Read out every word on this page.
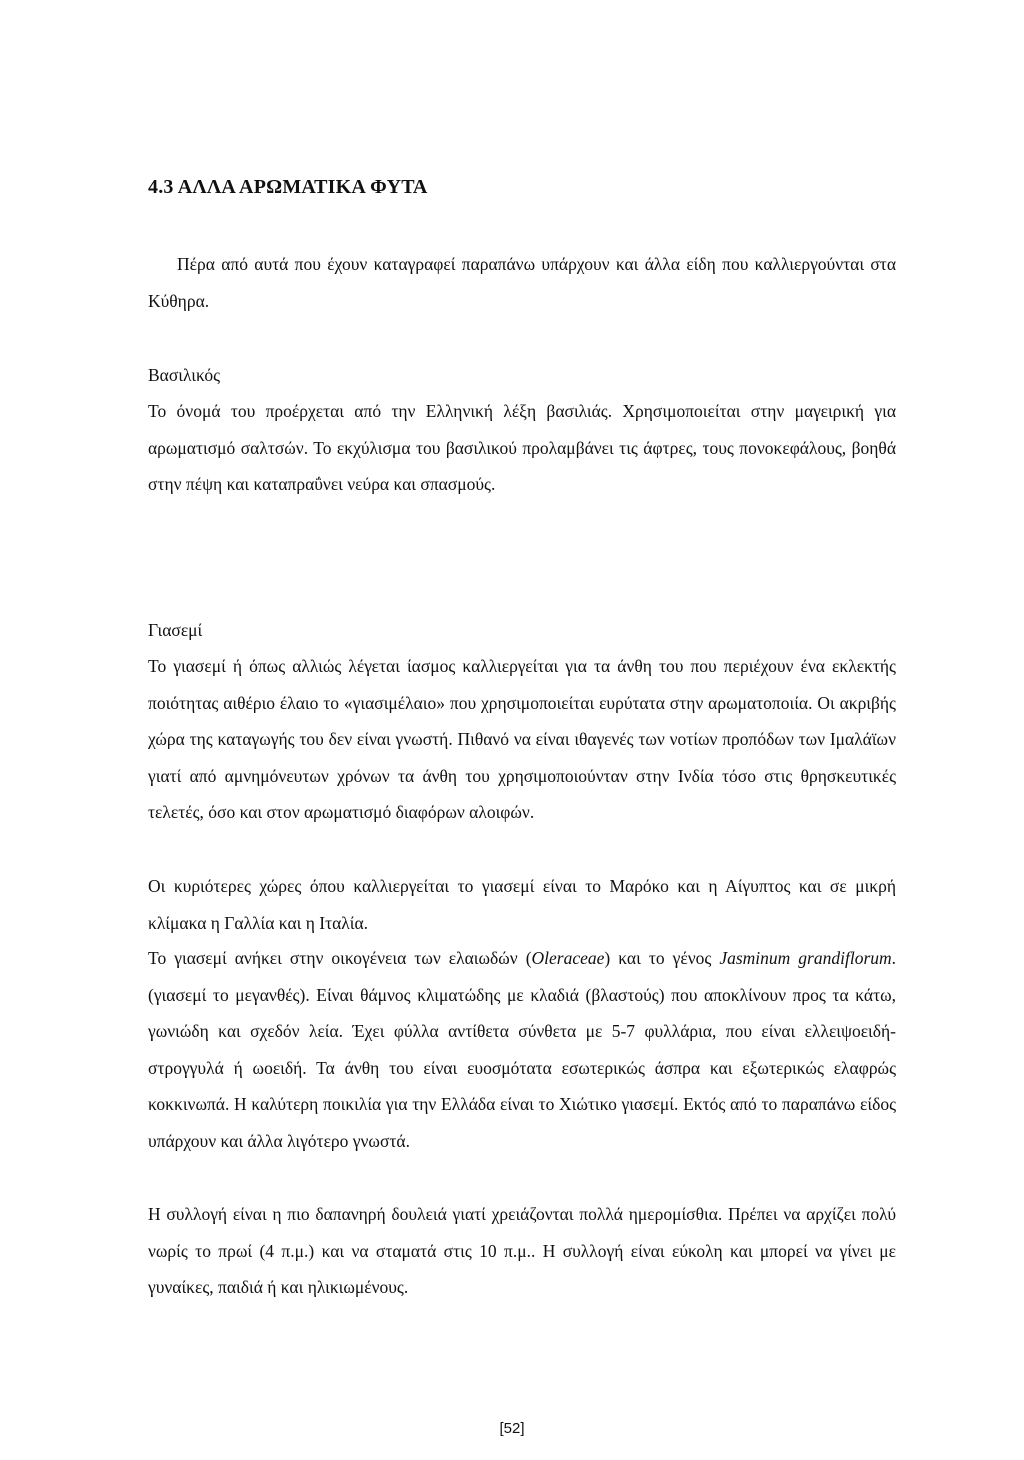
4.3 ΑΛΛΑ ΑΡΩΜΑΤΙΚΑ ΦΥΤΑ

Πέρα από αυτά που έχουν καταγραφεί παραπάνω υπάρχουν και άλλα είδη που καλλιεργούνται στα Κύθηρα.

Βασιλικός

Το όνομά του προέρχεται από την Ελληνική λέξη βασιλιάς. Χρησιμοποιείται στην μαγειρική για αρωματισμό σαλτσών. Το εκχύλισμα του βασιλικού προλαμβάνει τις άφτρες, τους πονοκεφάλους, βοηθά στην πέψη και καταπραΰνει νεύρα και σπασμούς.

Γιασεμί

Το γιασεμί ή όπως αλλιώς λέγεται ίασμος καλλιεργείται για τα άνθη του που περιέχουν ένα εκλεκτής ποιότητας αιθέριο έλαιο το «γιασιμέλαιο» που χρησιμοποιείται ευρύτατα στην αρωματοποιία. Οι ακριβής χώρα της καταγωγής του δεν είναι γνωστή. Πιθανό να είναι ιθαγενές των νοτίων προπόδων των Ιμαλάϊων γιατί από αμνημόνευτων χρόνων τα άνθη του χρησιμοποιούνταν στην Ινδία τόσο στις θρησκευτικές τελετές, όσο και στον αρωματισμό διαφόρων αλοιφών.

Οι κυριότερες χώρες όπου καλλιεργείται το γιασεμί είναι το Μαρόκο και η Αίγυπτος και σε μικρή κλίμακα η Γαλλία και η Ιταλία.

Το γιασεμί ανήκει στην οικογένεια των ελαιωδών (Oleraceae) και το γένος Jasminum grandiflorum. (γιασεμί το μεγανθές). Είναι θάμνος κλιματώδης με κλαδιά (βλαστούς) που αποκλίνουν προς τα κάτω, γωνιώδη και σχεδόν λεία. Έχει φύλλα αντίθετα σύνθετα με 5-7 φυλλάρια, που είναι ελλειψοειδή-στρογγυλά ή ωοειδή. Τα άνθη του είναι ευοσμότατα εσωτερικώς άσπρα και εξωτερικώς ελαφρώς κοκκινωπά. Η καλύτερη ποικιλία για την Ελλάδα είναι το Χιώτικο γιασεμί. Εκτός από το παραπάνω είδος υπάρχουν και άλλα λιγότερο γνωστά.

Η συλλογή είναι η πιο δαπανηρή δουλειά γιατί χρειάζονται πολλά ημερομίσθια. Πρέπει να αρχίζει πολύ νωρίς το πρωί (4 π.μ.) και να σταματά στις 10 π.μ.. Η συλλογή είναι εύκολη και μπορεί να γίνει με γυναίκες, παιδιά ή και ηλικιωμένους.

[52]
